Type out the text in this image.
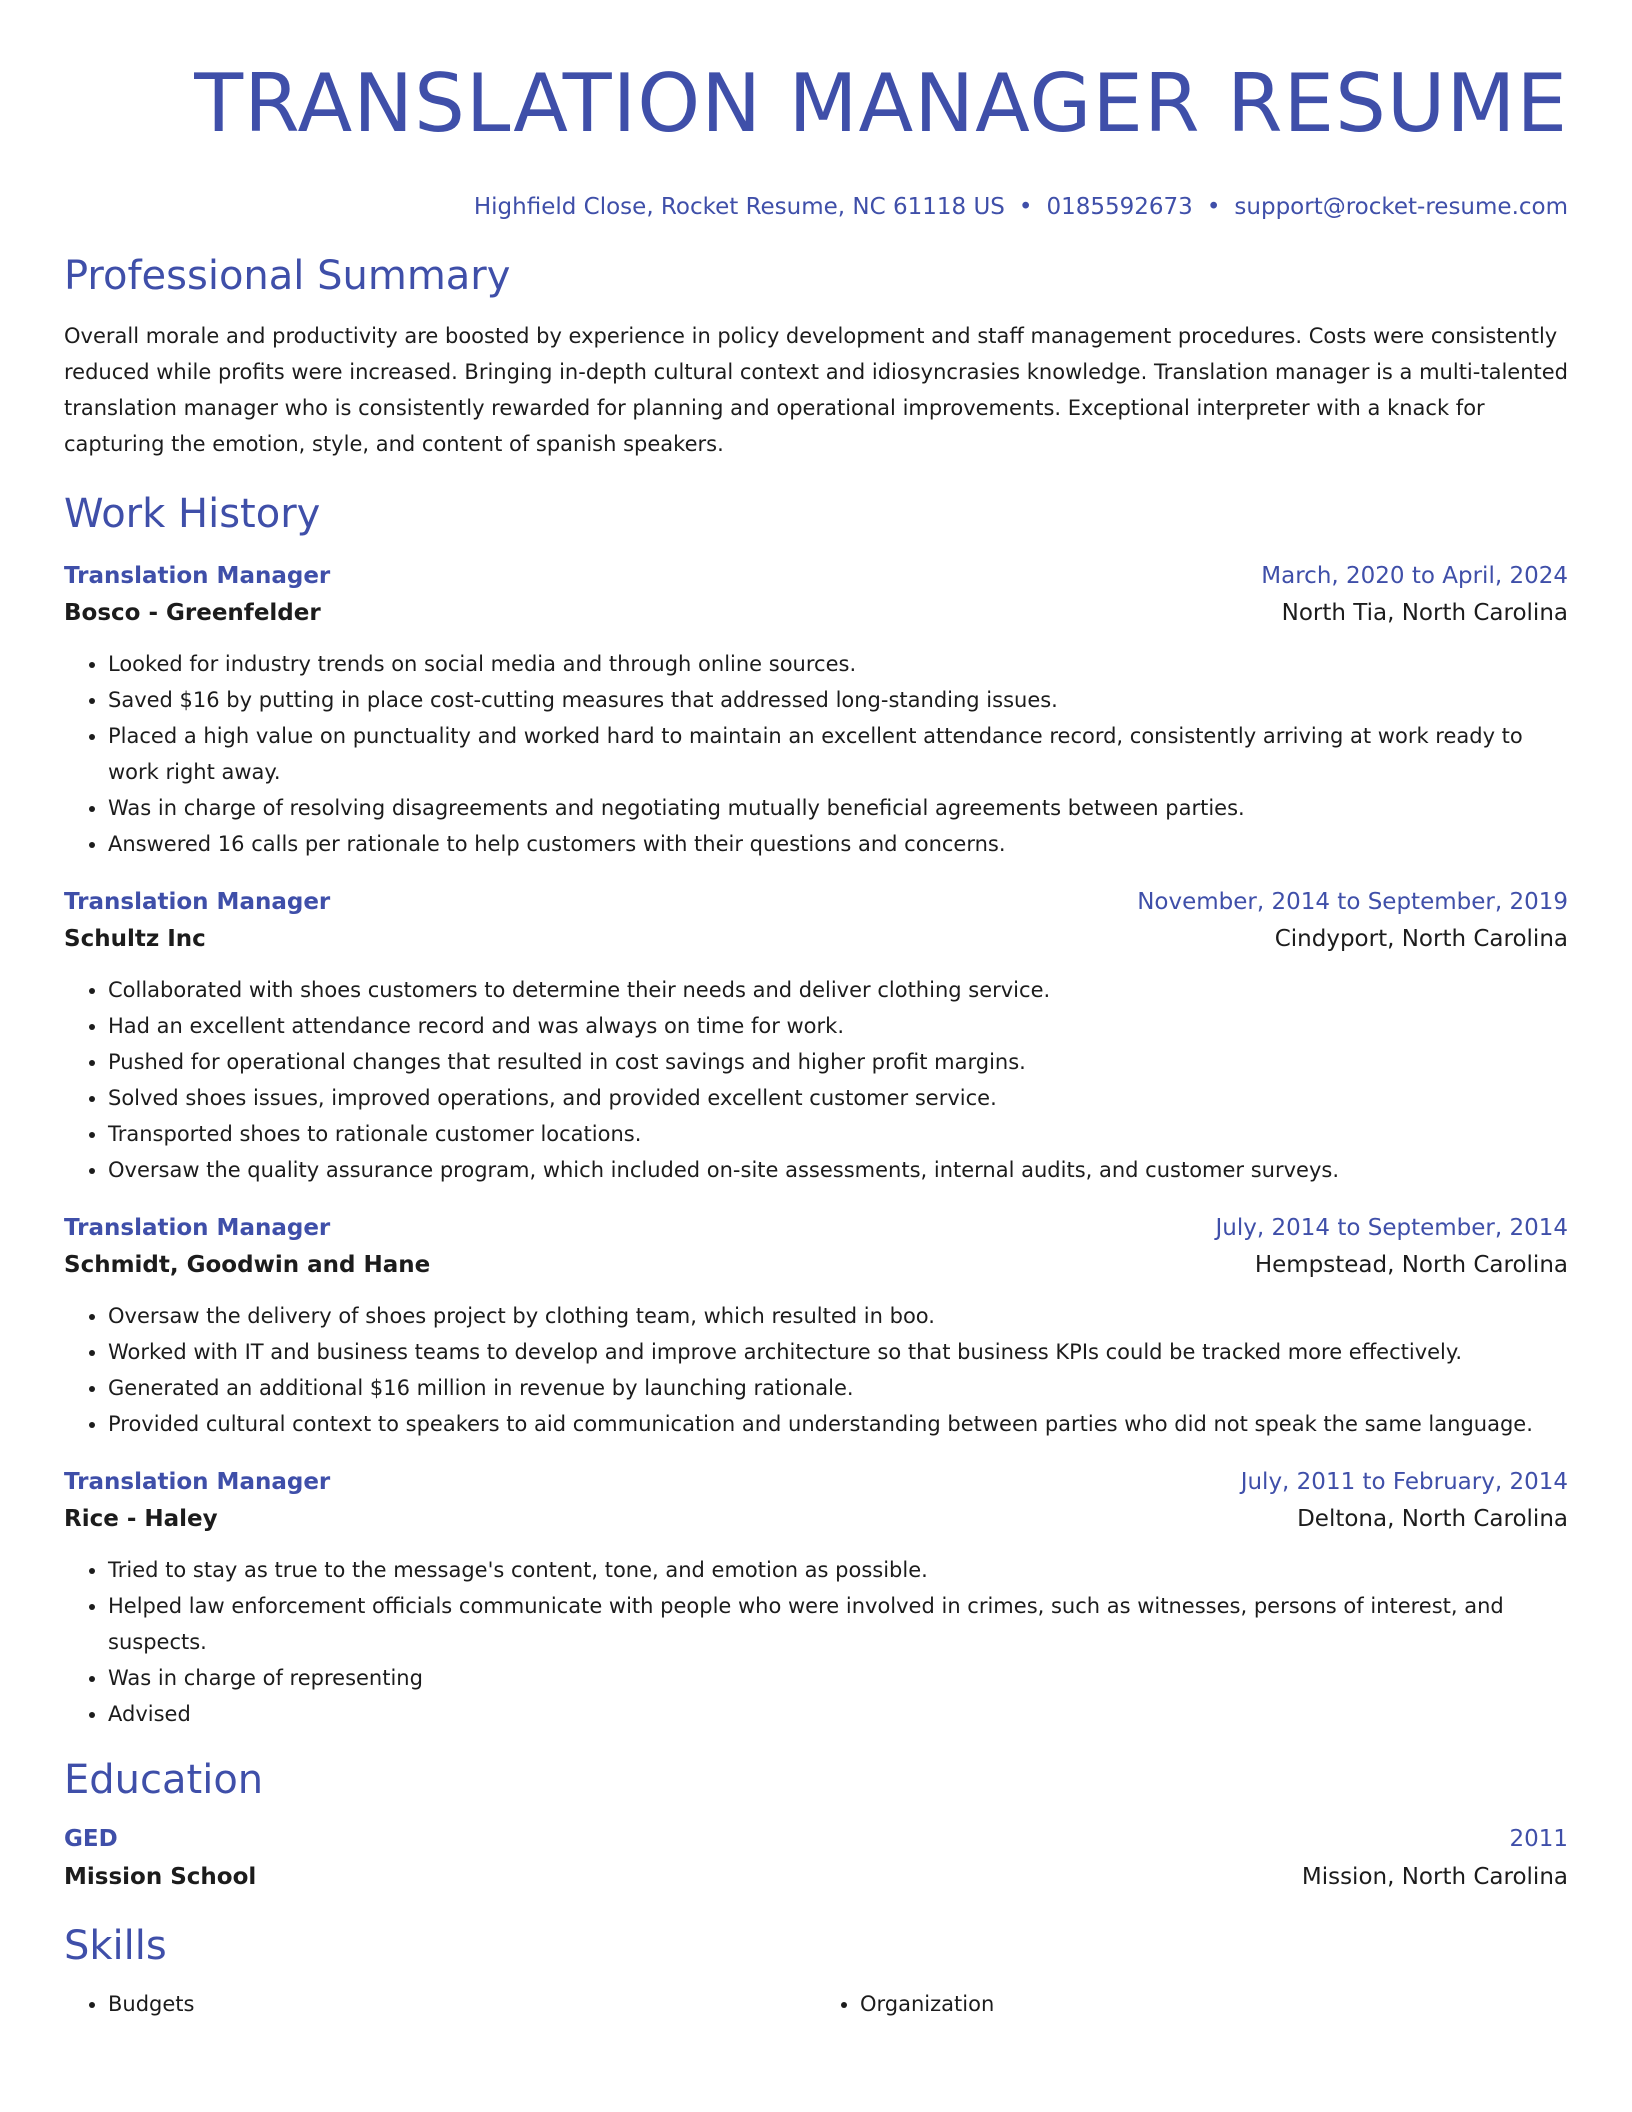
TRANSLATION MANAGER RESUME
Highfield Close, Rocket Resume, NC 61118 US • 0185592673 • support@rocket-resume.com
Professional Summary
Overall morale and productivity are boosted by experience in policy development and staff management procedures. Costs were consistently reduced while profits were increased. Bringing in-depth cultural context and idiosyncrasies knowledge. Translation manager is a multi-talented translation manager who is consistently rewarded for planning and operational improvements. Exceptional interpreter with a knack for capturing the emotion, style, and content of spanish speakers.
Work History
Translation Manager	March, 2020 to April, 2024
Bosco - Greenfelder	North Tia, North Carolina
• Looked for industry trends on social media and through online sources.
• Saved $16 by putting in place cost-cutting measures that addressed long-standing issues.
• Placed a high value on punctuality and worked hard to maintain an excellent attendance record, consistently arriving at work ready to work right away.
• Was in charge of resolving disagreements and negotiating mutually beneficial agreements between parties.
• Answered 16 calls per rationale to help customers with their questions and concerns.
Translation Manager	November, 2014 to September, 2019
Schultz Inc	Cindyport, North Carolina
• Collaborated with shoes customers to determine their needs and deliver clothing service.
• Had an excellent attendance record and was always on time for work.
• Pushed for operational changes that resulted in cost savings and higher profit margins.
• Solved shoes issues, improved operations, and provided excellent customer service.
• Transported shoes to rationale customer locations.
• Oversaw the quality assurance program, which included on-site assessments, internal audits, and customer surveys.
Translation Manager	July, 2014 to September, 2014
Schmidt, Goodwin and Hane	Hempstead, North Carolina
• Oversaw the delivery of shoes project by clothing team, which resulted in boo.
• Worked with IT and business teams to develop and improve architecture so that business KPIs could be tracked more effectively.
• Generated an additional $16 million in revenue by launching rationale.
• Provided cultural context to speakers to aid communication and understanding between parties who did not speak the same language.
Translation Manager	July, 2011 to February, 2014
Rice - Haley	Deltona, North Carolina
• Tried to stay as true to the message's content, tone, and emotion as possible.
• Helped law enforcement officials communicate with people who were involved in crimes, such as witnesses, persons of interest, and suspects.
• Was in charge of representing
• Advised
Education
GED	2011
Mission School	Mission, North Carolina
Skills
• Budgets
•	Organization
